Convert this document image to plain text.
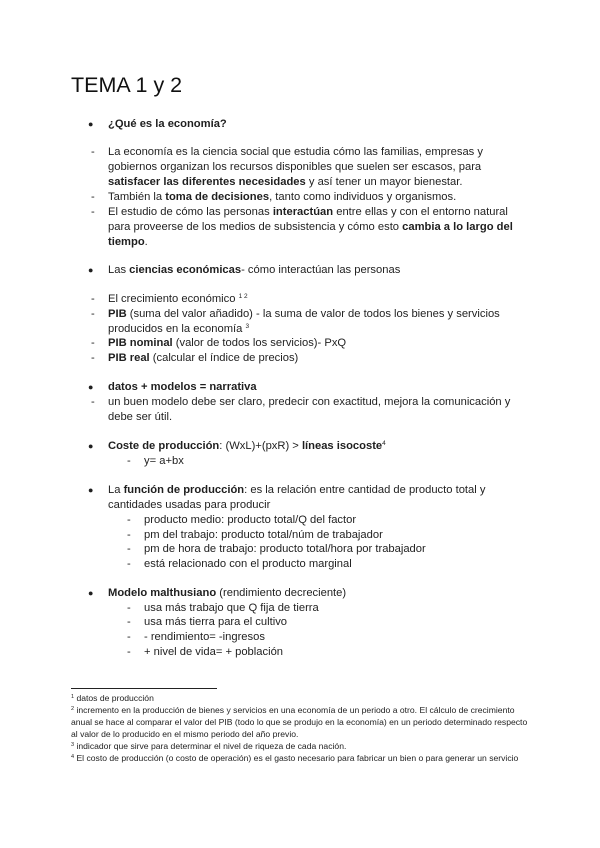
TEMA 1 y 2
●	¿Qué es la economía?
-	La economía es la ciencia social que estudia cómo las familias, empresas y
gobiernos organizan los recursos disponibles que suelen ser escasos, para
satisfacer las diferentes necesidades y así tener un mayor bienestar.
-	También la toma de decisiones, tanto como individuos y organismos.
-	El estudio de cómo las personas interactúan entre ellas y con el entorno natural
para proveerse de los medios de subsistencia y cómo esto cambia a lo largo del
tiempo.
●	Las ciencias económicas- cómo interactúan las personas
-	El crecimiento económico $^{1 2}$
-	PIB (suma del valor añadido) - la suma de valor de todos los bienes y servicios
producidos en la economía $^3$
-	PIB nominal (valor de todos los servicios)- PxQ
-	PIB real (calcular el índice de precios)
●	datos + modelos = narrativa
-	un buen modelo debe ser claro, predecir con exactitud, mejora la comunicación y
debe ser útil.
●	Coste de producción: (WxL)+(pxR) > líneas isocoste$^4$
-	y= a+bx
●	La función de producción: es la relación entre cantidad de producto total y
cantidades usadas para producir
-	producto medio: producto total/Q del factor
-	pm del trabajo: producto total/núm de trabajador
-	pm de hora de trabajo: producto total/hora por trabajador
-	está relacionado con el producto marginal
●	Modelo malthusiano (rendimiento decreciente)
-	usa más trabajo que Q fija de tierra
-	usa más tierra para el cultivo
-	- rendimiento= -ingresos
-	+ nivel de vida= + población
$^1$ datos de producción
$^2$ incremento en la producción de bienes y servicios en una economía de un periodo a otro. El cálculo de crecimiento anual se hace al comparar el valor del PIB (todo lo que se produjo en la economía) en un periodo determinado respecto al valor de lo producido en el mismo periodo del año previo.
$^3$ indicador que sirve para determinar el nivel de riqueza de cada nación.
$^4$ El costo de producción (o costo de operación) es el gasto necesario para fabricar un bien o para generar un servicio
